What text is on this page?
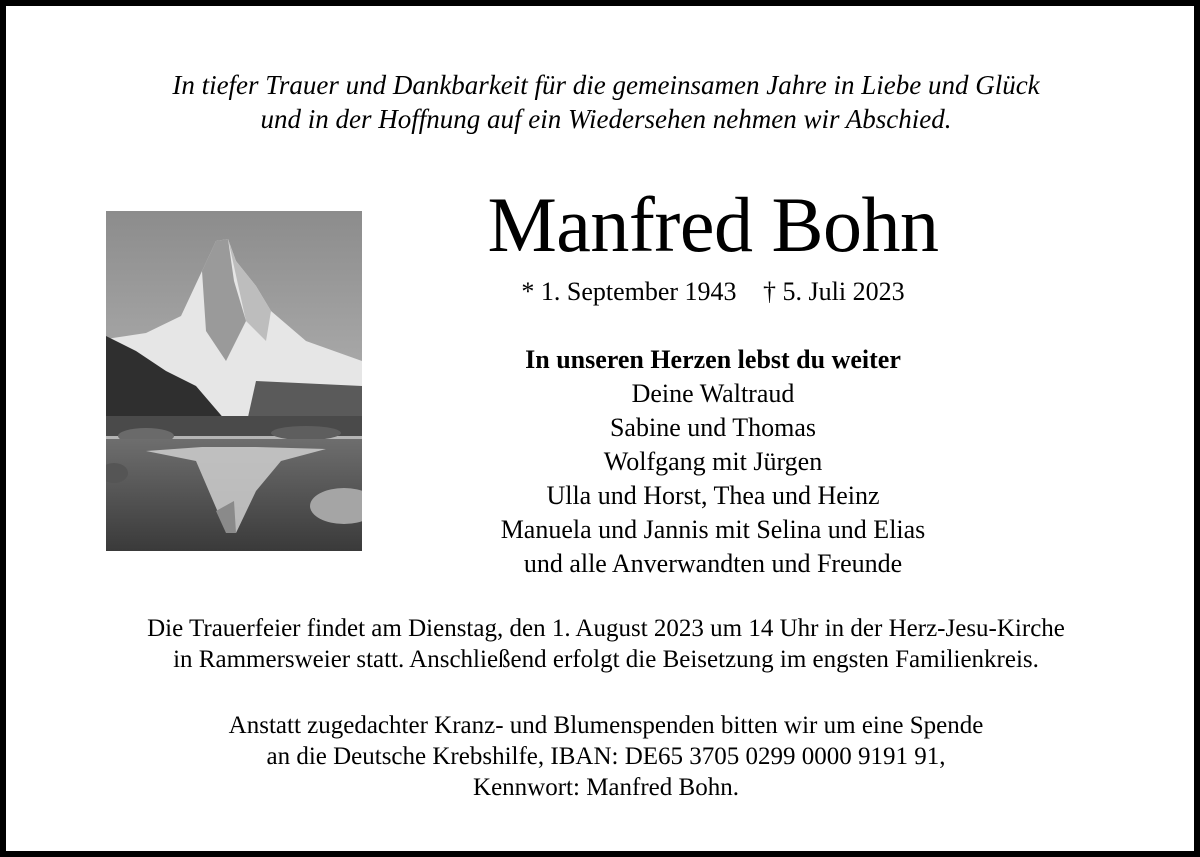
In tiefer Trauer und Dankbarkeit für die gemeinsamen Jahre in Liebe und Glück
und in der Hoffnung auf ein Wiedersehen nehmen wir Abschied.
Manfred Bohn
* 1. September 1943 † 5. Juli 2023
In unseren Herzen lebst du weiter
Deine Waltraud
Sabine und Thomas
Wolfgang mit Jürgen
Ulla und Horst, Thea und Heinz
Manuela und Jannis mit Selina und Elias
und alle Anverwandten und Freunde
Die Trauerfeier findet am Dienstag, den 1. August 2023 um 14 Uhr in der Herz-Jesu-Kirche
in Rammersweier statt. Anschließend erfolgt die Beisetzung im engsten Familienkreis.
Anstatt zugedachter Kranz- und Blumenspenden bitten wir um eine Spende
an die Deutsche Krebshilfe, IBAN: DE65 3705 0299 0000 9191 91,
Kennwort: Manfred Bohn.
